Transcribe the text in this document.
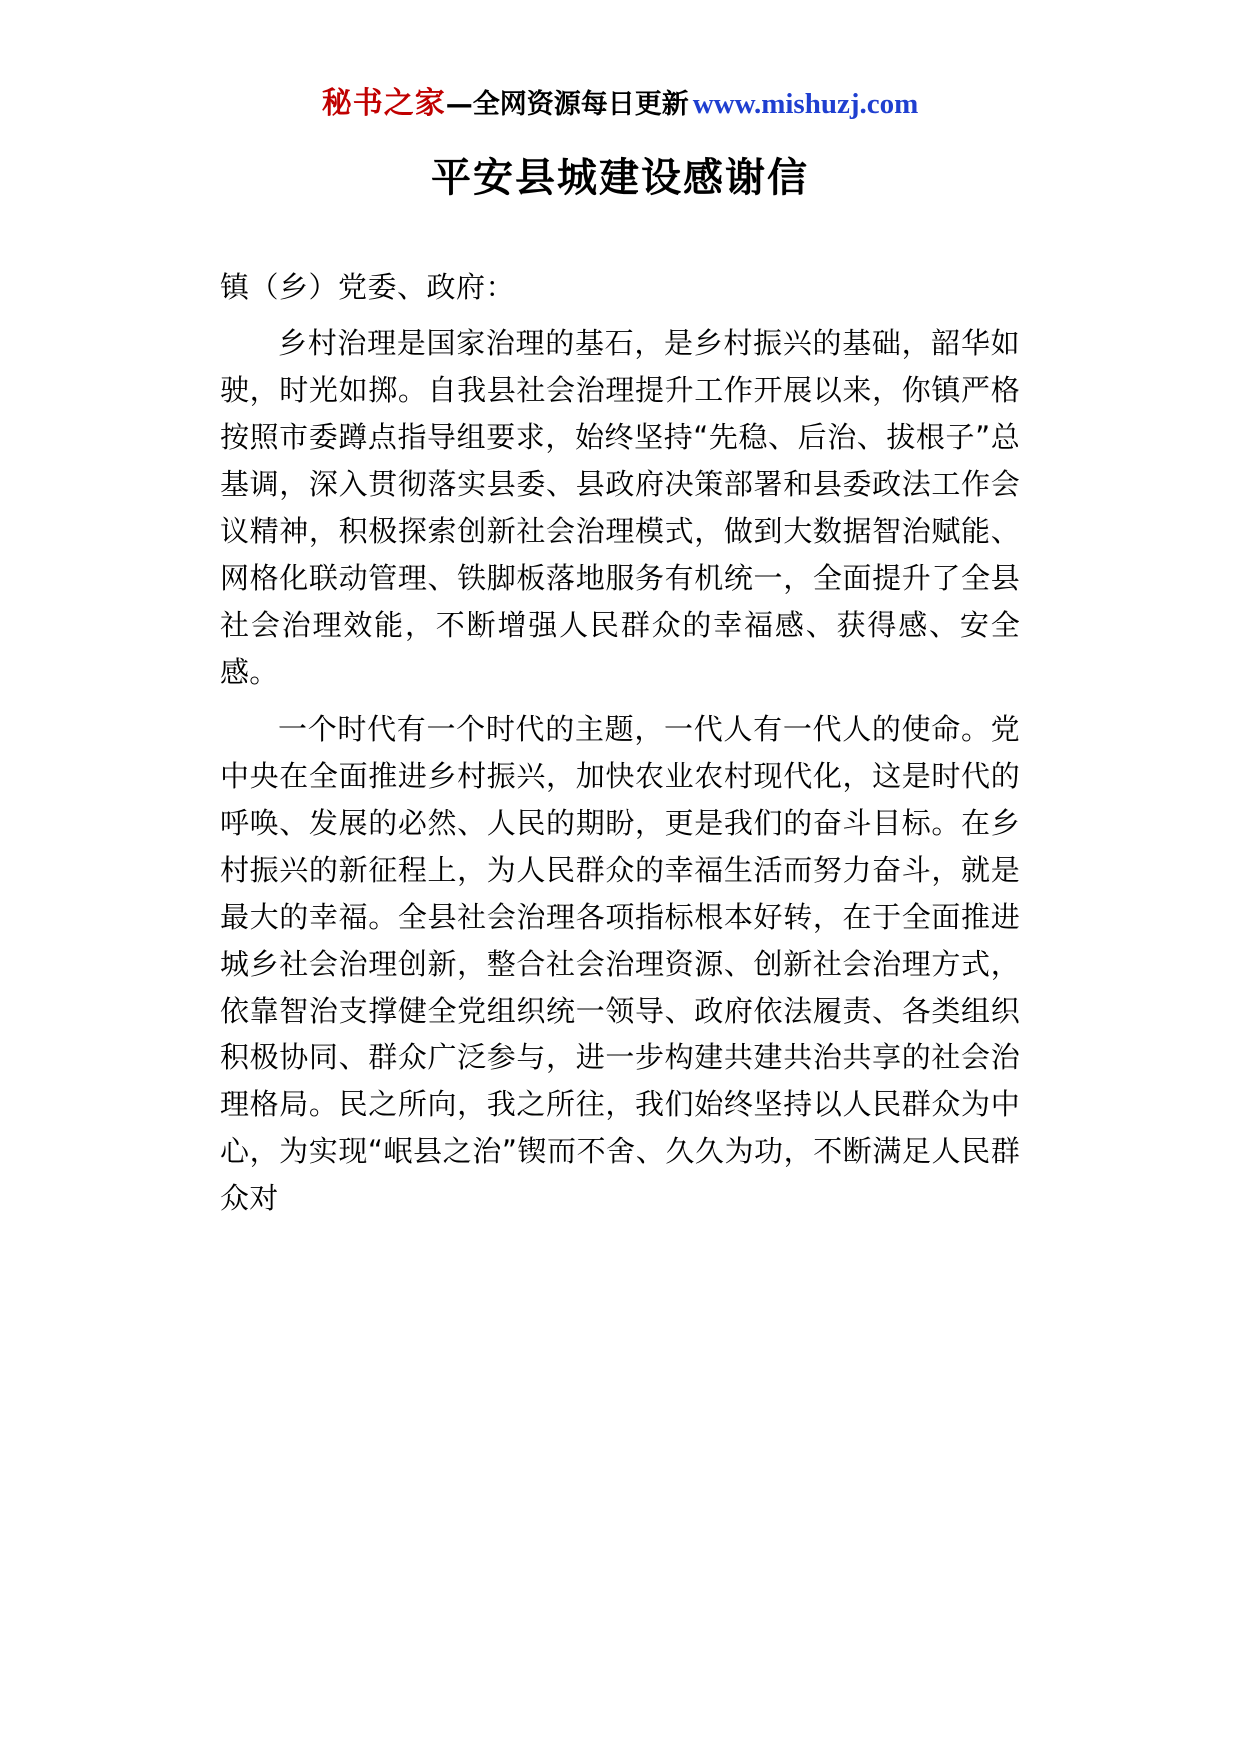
秘书之家—全网资源每日更新 www.mishuzj.com
平安县城建设感谢信
镇（乡）党委、政府：

乡村治理是国家治理的基石，是乡村振兴的基础，韶华如驶，时光如掷。自我县社会治理提升工作开展以来，你镇严格按照市委蹲点指导组要求，始终坚持“先稳、后治、拔根子”总基调，深入贯彻落实县委、县政府决策部署和县委政法工作会议精神，积极探索创新社会治理模式，做到大数据智治赋能、网格化联动管理、铁脚板落地服务有机统一，全面提升了全县社会治理效能，不断增强人民群众的幸福感、获得感、安全感。

一个时代有一个时代的主题，一代人有一代人的使命。党中央在全面推进乡村振兴，加快农业农村现代化，这是时代的呼唤、发展的必然、人民的期盼，更是我们的奋斗目标。在乡村振兴的新征程上，为人民群众的幸福生活而努力奋斗，就是最大的幸福。全县社会治理各项指标根本好转，在于全面推进城乡社会治理创新，整合社会治理资源、创新社会治理方式，依靠智治支撑健全党组织统一领导、政府依法履责、各类组织积极协同、群众广泛参与，进一步构建共建共治共享的社会治理格局。民之所向，我之所往，我们始终坚持以人民群众为中心，为实现“岷县之治”锲而不舍、久久为功，不断满足人民群众对
